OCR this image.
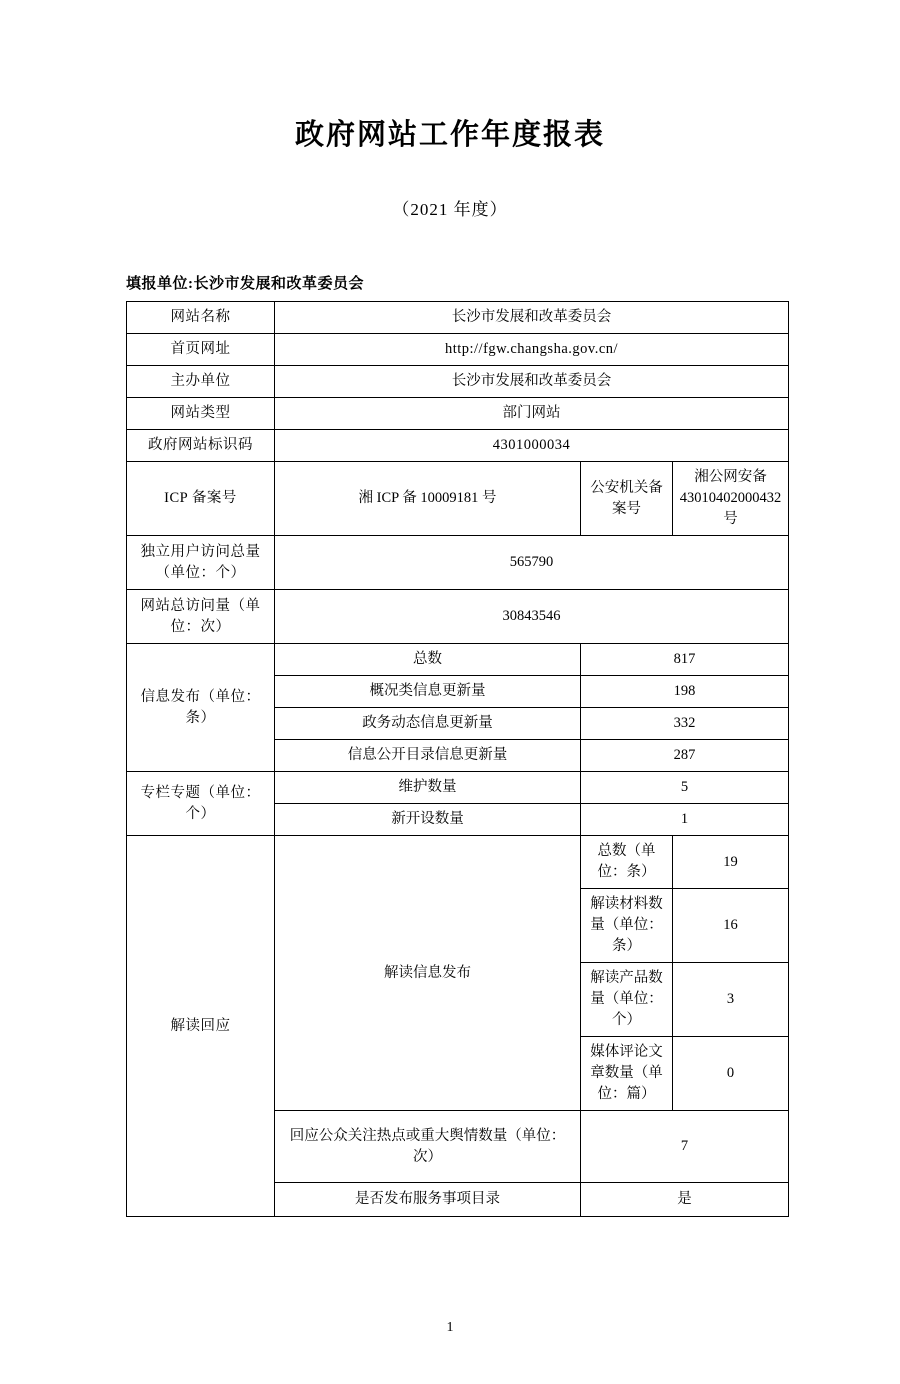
政府网站工作年度报表
（2021 年度）
填报单位:长沙市发展和改革委员会
网站名称	长沙市发展和改革委员会		
首页网址	http://fgw.changsha.gov.cn/		
主办单位	长沙市发展和改革委员会		
网站类型	部门网站		
政府网站标识码	4301000034		
ICP 备案号	湘 ICP 备 10009181 号	公安机关备案号	湘公网安备 43010402000432 号
独立用户访问总量（单位：个）	565790		
网站总访问量（单位：次）	30843546		
信息发布（单位：条）	总数	817	
	概况类信息更新量	198	
	政务动态信息更新量	332	
	信息公开目录信息更新量	287	
专栏专题（单位：个）	维护数量	5	
	新开设数量	1	
解读回应	解读信息发布	总数（单位：条）	19
		解读材料数量（单位：条）	16
		解读产品数量（单位：个）	3
		媒体评论文章数量（单位：篇）	0
	回应公众关注热点或重大舆情数量（单位：次）	7	
	是否发布服务事项目录	是	
1
